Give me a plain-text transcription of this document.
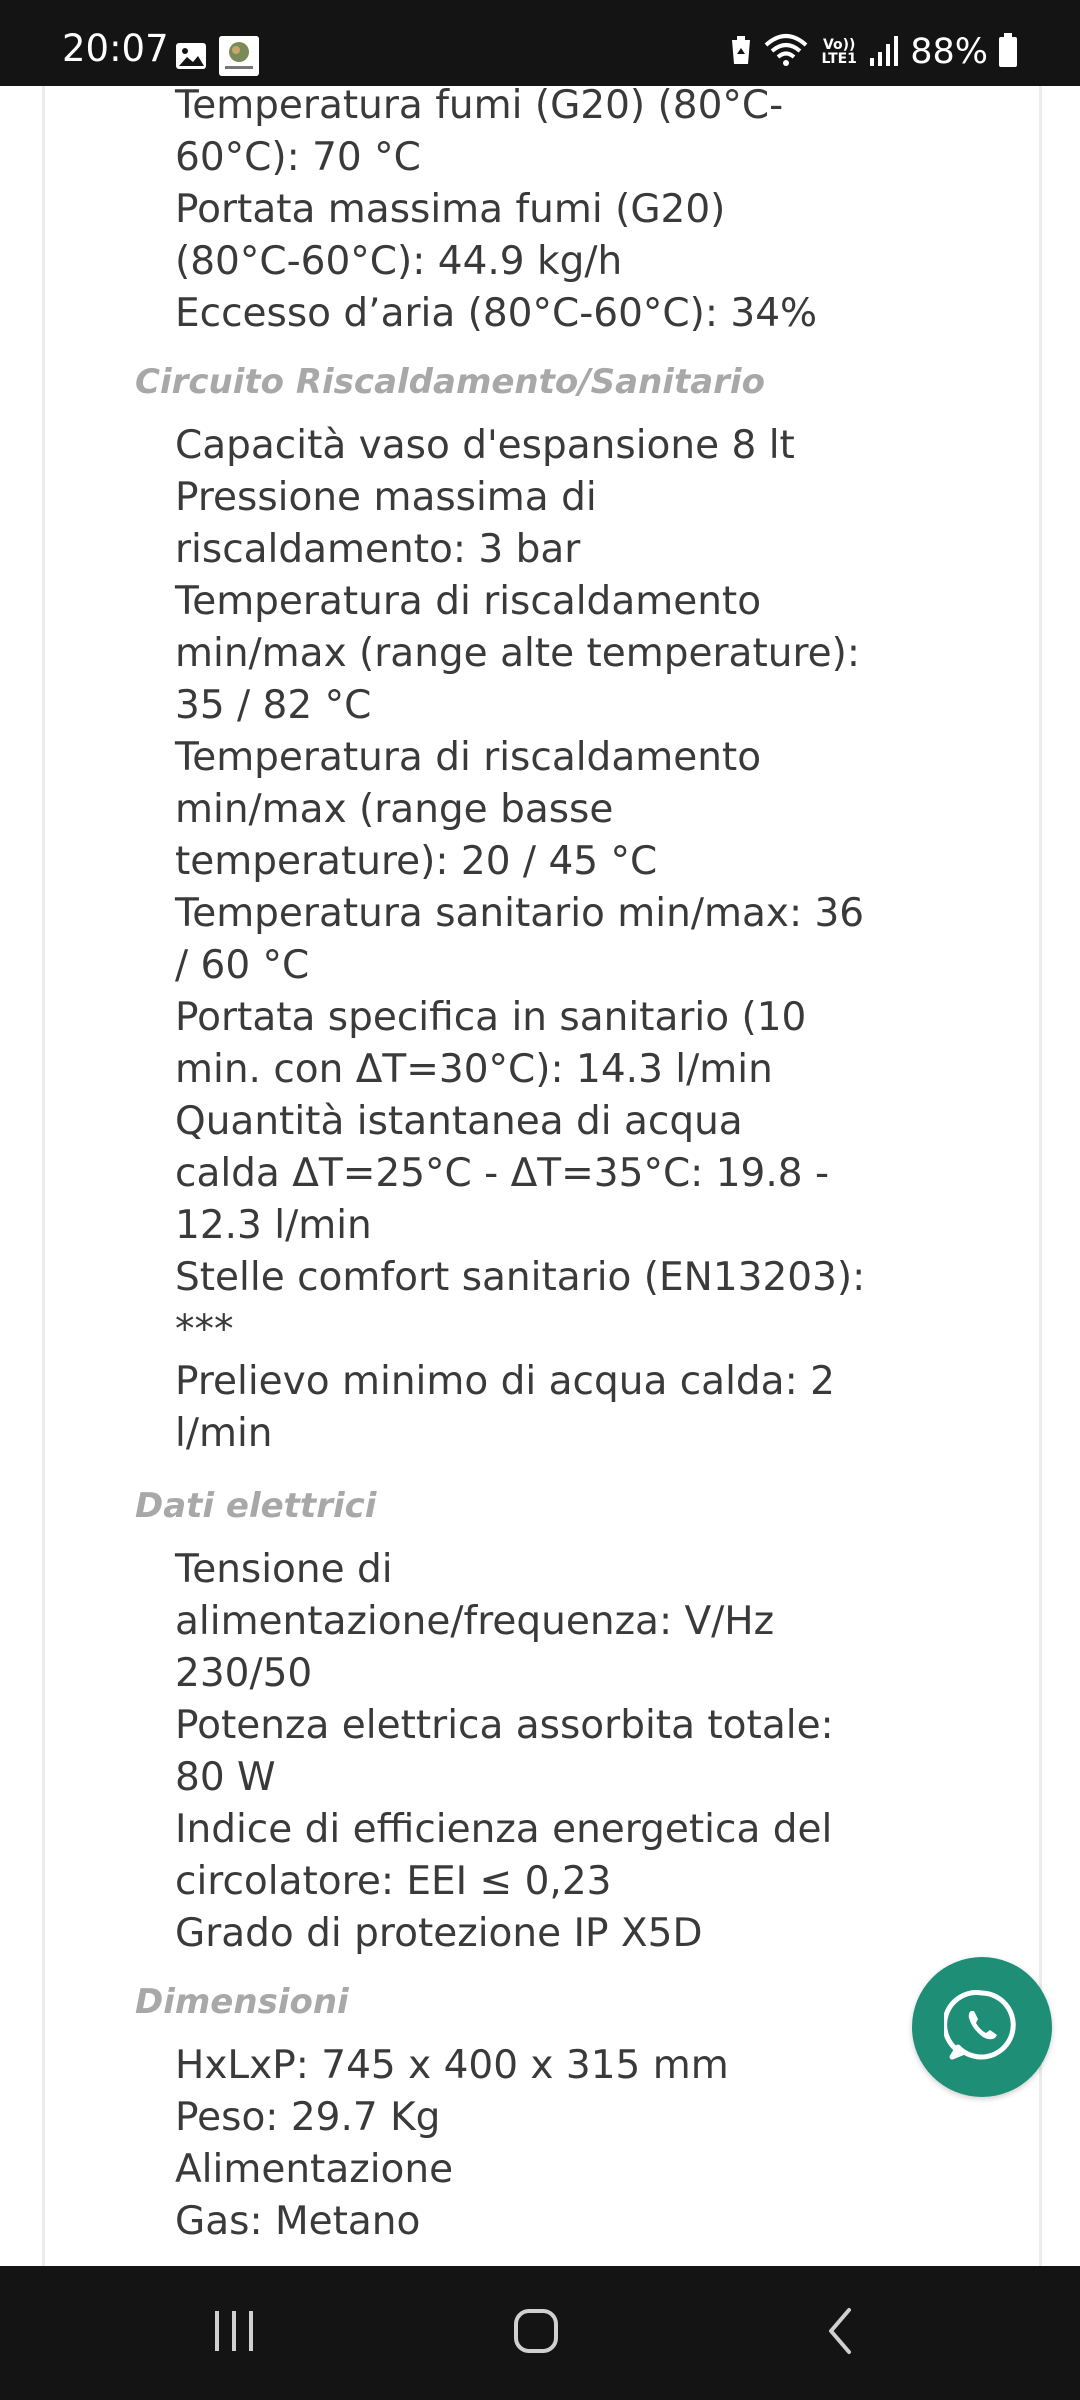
20:07	Vo)) LTE1 88%
Temperatura fumi (G20) (80°C-
60°C): 70 °C
Portata massima fumi (G20)
(80°C-60°C): 44.9 kg/h
Eccesso d’aria (80°C-60°C): 34%
Circuito Riscaldamento/Sanitario
Capacità vaso d'espansione 8 lt
Pressione massima di
riscaldamento: 3 bar
Temperatura di riscaldamento
min/max (range alte temperature):
35 / 82 °C
Temperatura di riscaldamento
min/max (range basse
temperature): 20 / 45 °C
Temperatura sanitario min/max: 36
/ 60 °C
Portata specifica in sanitario (10
min. con ΔT=30°C): 14.3 l/min
Quantità istantanea di acqua
calda ΔT=25°C - ΔT=35°C: 19.8 -
12.3 l/min
Stelle comfort sanitario (EN13203):
***
Prelievo minimo di acqua calda: 2
l/min
Dati elettrici
Tensione di
alimentazione/frequenza: V/Hz
230/50
Potenza elettrica assorbita totale:
80 W
Indice di efficienza energetica del
circolatore: EEI ≤ 0,23
Grado di protezione IP X5D
Dimensioni
HxLxP: 745 x 400 x 315 mm
Peso: 29.7 Kg
Alimentazione
Gas: Metano
